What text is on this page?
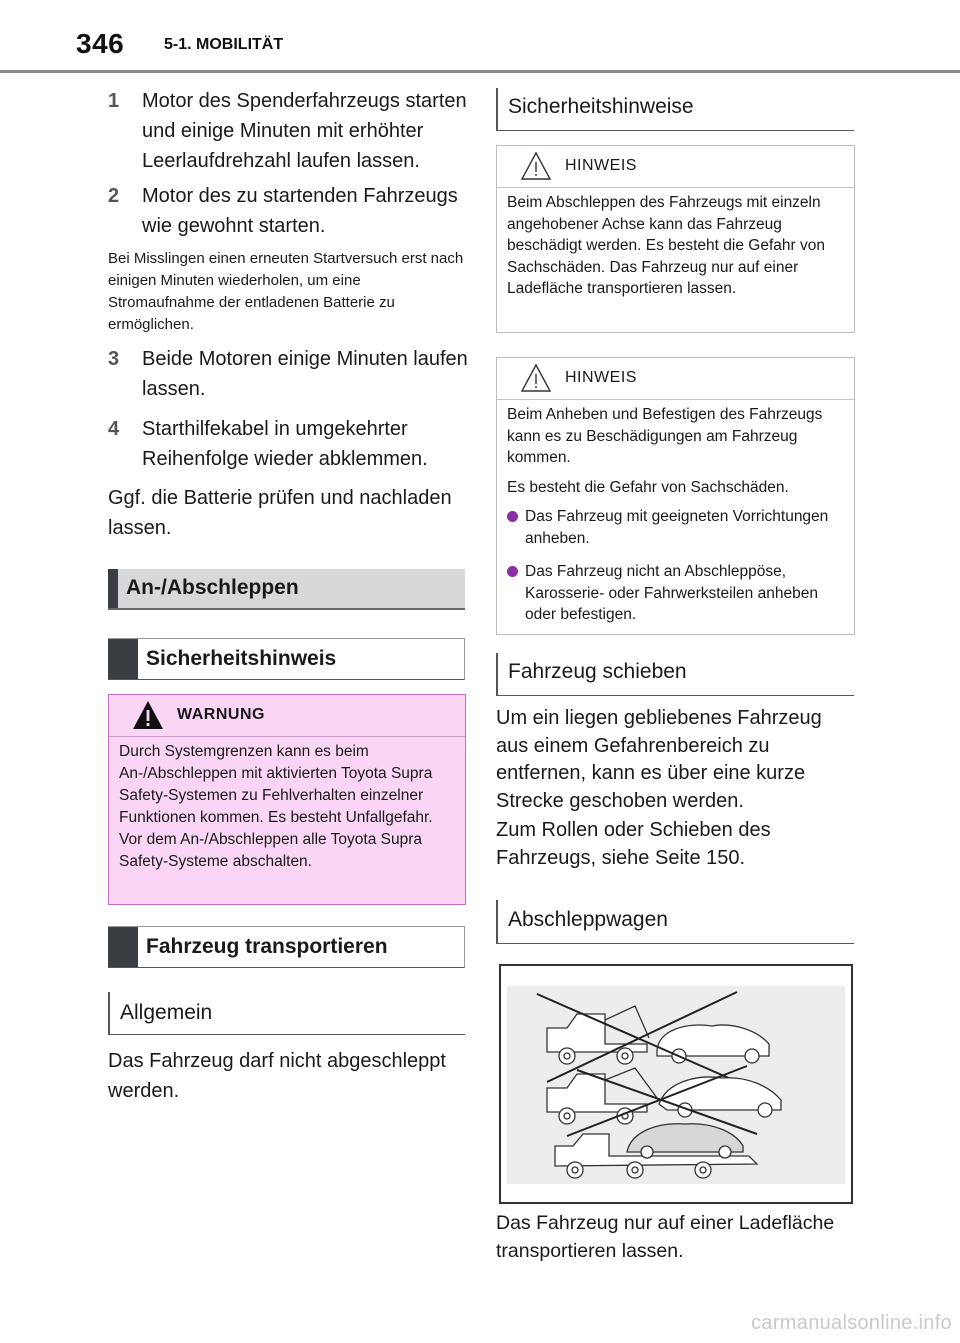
346 5-1. MOBILITÄT
1	Motor des Spenderfahrzeugs starten und einige Minuten mit erhöhter Leerlaufdrehzahl laufen lassen.
2	Motor des zu startenden Fahrzeugs wie gewohnt starten.
Bei Misslingen einen erneuten Startversuch erst nach einigen Minuten wiederholen, um eine Stromaufnahme der entladenen Batterie zu ermöglichen.
3	Beide Motoren einige Minuten laufen lassen.
4	Starthilfekabel in umgekehrter Reihenfolge wieder abklemmen.
Ggf. die Batterie prüfen und nachladen lassen.
An-/Abschleppen
Sicherheitshinweis
WARNUNG
Durch Systemgrenzen kann es beim An-/Abschleppen mit aktivierten Toyota Supra Safety-Systemen zu Fehlverhalten einzelner Funktionen kommen. Es besteht Unfallgefahr. Vor dem An-/Abschleppen alle Toyota Supra Safety-Systeme abschalten.
Fahrzeug transportieren
Allgemein
Das Fahrzeug darf nicht abgeschleppt werden.
Sicherheitshinweise
HINWEIS
Beim Abschleppen des Fahrzeugs mit einzeln angehobener Achse kann das Fahrzeug beschädigt werden. Es besteht die Gefahr von Sachschäden. Das Fahrzeug nur auf einer Ladefläche transportieren lassen.
HINWEIS
Beim Anheben und Befestigen des Fahrzeugs kann es zu Beschädigungen am Fahrzeug kommen.
Es besteht die Gefahr von Sachschäden.
Das Fahrzeug mit geeigneten Vorrichtungen anheben.
Das Fahrzeug nicht an Abschleppöse, Karosserie- oder Fahrwerksteilen anheben oder befestigen.
Fahrzeug schieben
Um ein liegen gebliebenes Fahrzeug aus einem Gefahrenbereich zu entfernen, kann es über eine kurze Strecke geschoben werden.
Zum Rollen oder Schieben des Fahrzeugs, siehe Seite 150.
Abschleppwagen
Das Fahrzeug nur auf einer Ladefläche transportieren lassen.
carmanualsonline.info
